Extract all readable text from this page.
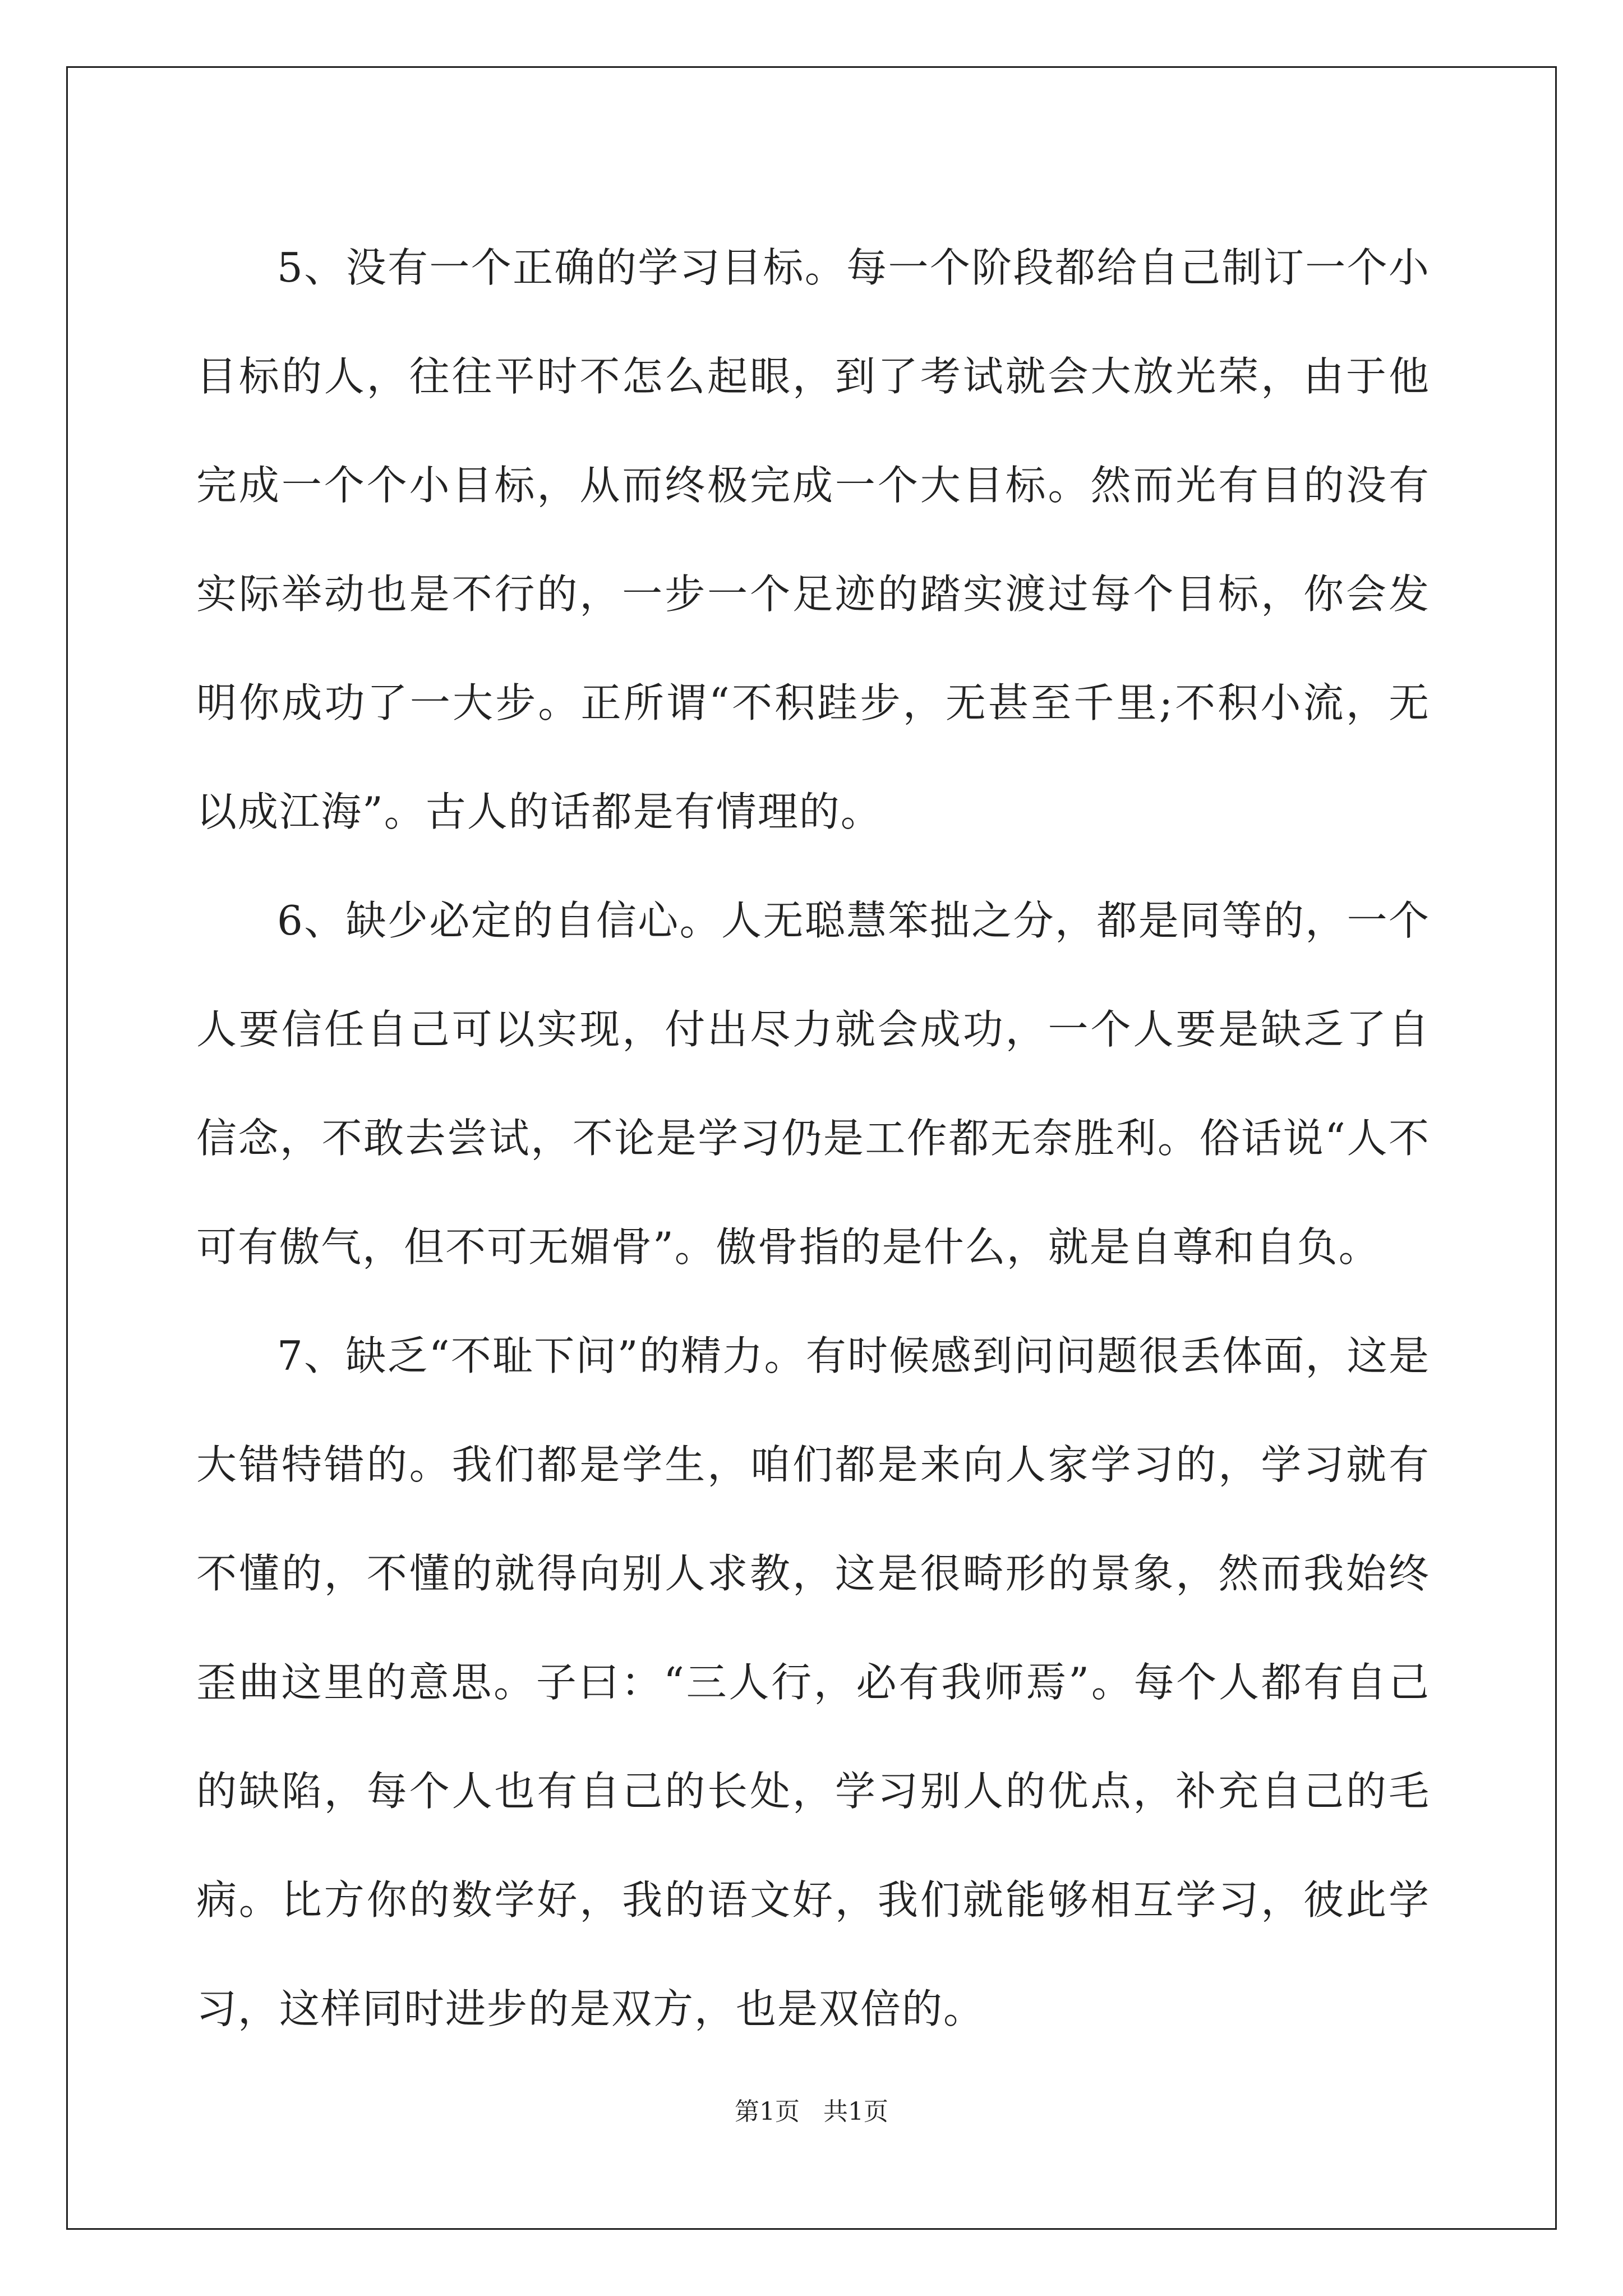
5、没有一个正确的学习目标。每一个阶段都给自己制订一个小目标的人，往往平时不怎么起眼，到了考试就会大放光荣，由于他完成一个个小目标，从而终极完成一个大目标。然而光有目的没有实际举动也是不行的，一步一个足迹的踏实渡过每个目标，你会发明你成功了一大步。正所谓“不积跬步，无甚至千里;不积小流，无以成江海”。古人的话都是有情理的。

6、缺少必定的自信心。人无聪慧笨拙之分，都是同等的，一个人要信任自己可以实现，付出尽力就会成功，一个人要是缺乏了自信念，不敢去尝试，不论是学习仍是工作都无奈胜利。俗话说“人不可有傲气，但不可无媚骨”。傲骨指的是什么，就是自尊和自负。

7、缺乏“不耻下问”的精力。有时候感到问问题很丢体面，这是大错特错的。我们都是学生，咱们都是来向人家学习的，学习就有不懂的，不懂的就得向别人求教，这是很畸形的景象，然而我始终歪曲这里的意思。子曰：“三人行，必有我师焉”。每个人都有自己的缺陷，每个人也有自己的长处，学习别人的优点，补充自己的毛病。比方你的数学好，我的语文好，我们就能够相互学习，彼此学习，这样同时进步的是双方，也是双倍的。

第1页 共1页
